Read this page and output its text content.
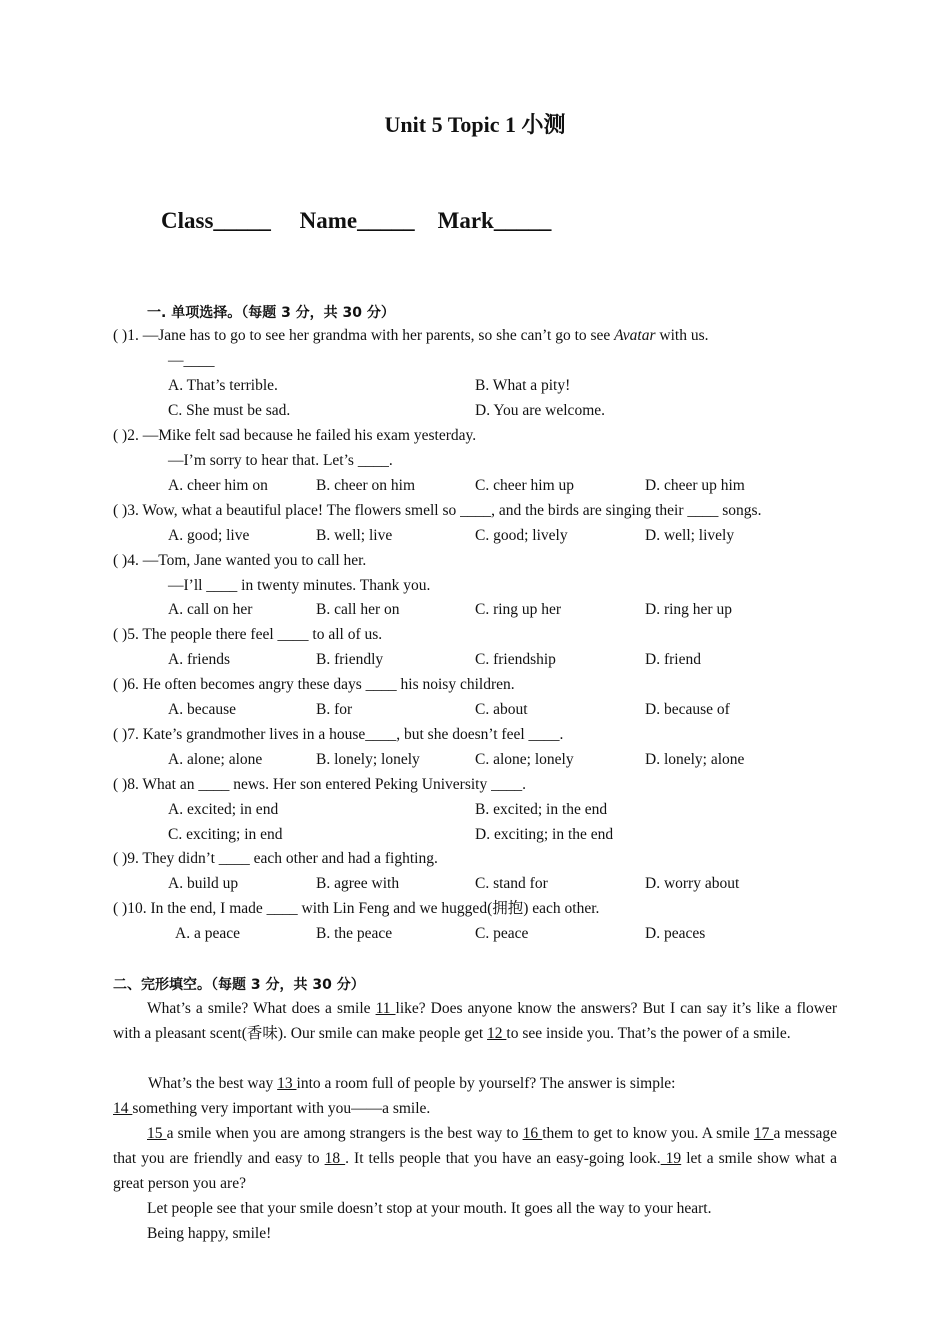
Unit 5 Topic 1 小测
Class_____ Name_____ Mark_____
一. 单项选择。（每题 3 分，共 30 分）
( )1. —Jane has to go to see her grandma with her parents, so she can’t go to see Avatar with us.
—____
A. That’s terrible.	B. What a pity!
C. She must be sad.	D. You are welcome.
( )2. —Mike felt sad because he failed his exam yesterday.
—I’m sorry to hear that. Let’s ____.
A. cheer him on	B. cheer on him	C. cheer him up	D. cheer up him
( )3. Wow, what a beautiful place! The flowers smell so ____, and the birds are singing their ____ songs.
A. good; live	B. well; live	C. good; lively	D. well; lively
( )4. —Tom, Jane wanted you to call her.
—I’ll ____ in twenty minutes. Thank you.
A. call on her	B. call her on	C. ring up her	D. ring her up
( )5. The people there feel ____ to all of us.
A. friends	B. friendly	C. friendship	D. friend
( )6. He often becomes angry these days ____ his noisy children.
A. because	B. for	C. about	D. because of
( )7. Kate’s grandmother lives in a house____, but she doesn’t feel ____.
A. alone; alone	B. lonely; lonely	C. alone; lonely	D. lonely; alone
( )8. What an ____ news. Her son entered Peking University ____.
A. excited; in end	B. excited; in the end
C. exciting; in end	D. exciting; in the end
( )9. They didn’t ____ each other and had a fighting.
A. build up	B. agree with	C. stand for	D. worry about
( )10. In the end, I made ____ with Lin Feng and we hugged(拥抱) each other.
A. a peace	B. the peace	C. peace	D. peaces
二、完形填空。（每题 3 分，共 30 分）
What’s a smile? What does a smile 11 like? Does anyone know the answers? But I can say it’s like a flower with a pleasant scent(香味). Our smile can make people get 12 to see inside you. That’s the power of a smile.
What’s the best way 13 into a room full of people by yourself? The answer is simple:
14 something very important with you——a smile.
15 a smile when you are among strangers is the best way to 16 them to get to know you. A smile 17 a message that you are friendly and easy to 18 . It tells people that you have an easy-going look. 19 let a smile show what a great person you are?
Let people see that your smile doesn’t stop at your mouth. It goes all the way to your heart.
Being happy, smile!
